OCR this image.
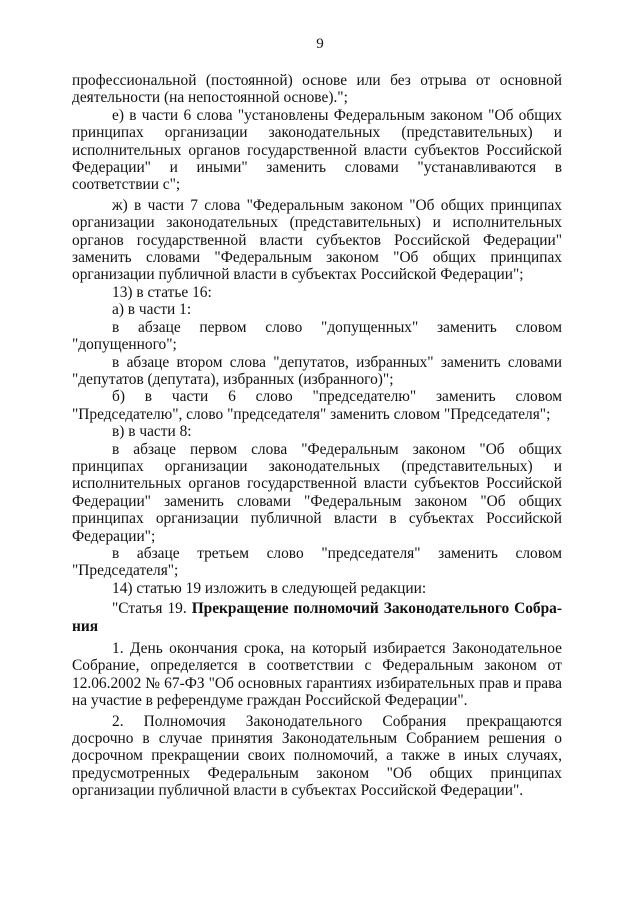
9

профессиональной (постоянной) основе или без отрыва от основной деятельности (на непостоянной основе).";

е) в части 6 слова "установлены Федеральным законом "Об общих принципах организации законодательных (представительных) и исполнительных органов государственной власти субъектов Российской Федерации" и иными" заменить словами "устанавливаются в соответствии с";

ж) в части 7 слова "Федеральным законом "Об общих принципах организации законодательных (представительных) и исполнительных органов государственной власти субъектов Российской Федерации" заменить словами "Федеральным законом "Об общих принципах организации публичной власти в субъектах Российской Федерации";

13) в статье 16:

а) в части 1:

в абзаце первом слово "допущенных" заменить словом "допущенного";

в абзаце втором слова "депутатов, избранных" заменить словами "депутатов (депутата), избранных (избранного)";

б) в части 6 слово "председателю" заменить словом "Председателю", слово "председателя" заменить словом "Председателя";

в) в части 8:

в абзаце первом слова "Федеральным законом "Об общих принципах организации законодательных (представительных) и исполнительных органов государственной власти субъектов Российской Федерации" заменить словами "Федеральным законом "Об общих принципах организации публичной власти в субъектах Российской Федерации";

в абзаце третьем слово "председателя" заменить словом "Председателя";

14) статью 19 изложить в следующей редакции:

"Статья 19. Прекращение полномочий Законодательного Собрания

1. День окончания срока, на который избирается Законодательное Собрание, определяется в соответствии с Федеральным законом от 12.06.2002 № 67-ФЗ "Об основных гарантиях избирательных прав и права на участие в референдуме граждан Российской Федерации".

2. Полномочия Законодательного Собрания прекращаются досрочно в случае принятия Законодательным Собранием решения о досрочном прекращении своих полномочий, а также в иных случаях, предусмотренных Федеральным законом "Об общих принципах организации публичной власти в субъектах Российской Федерации".
